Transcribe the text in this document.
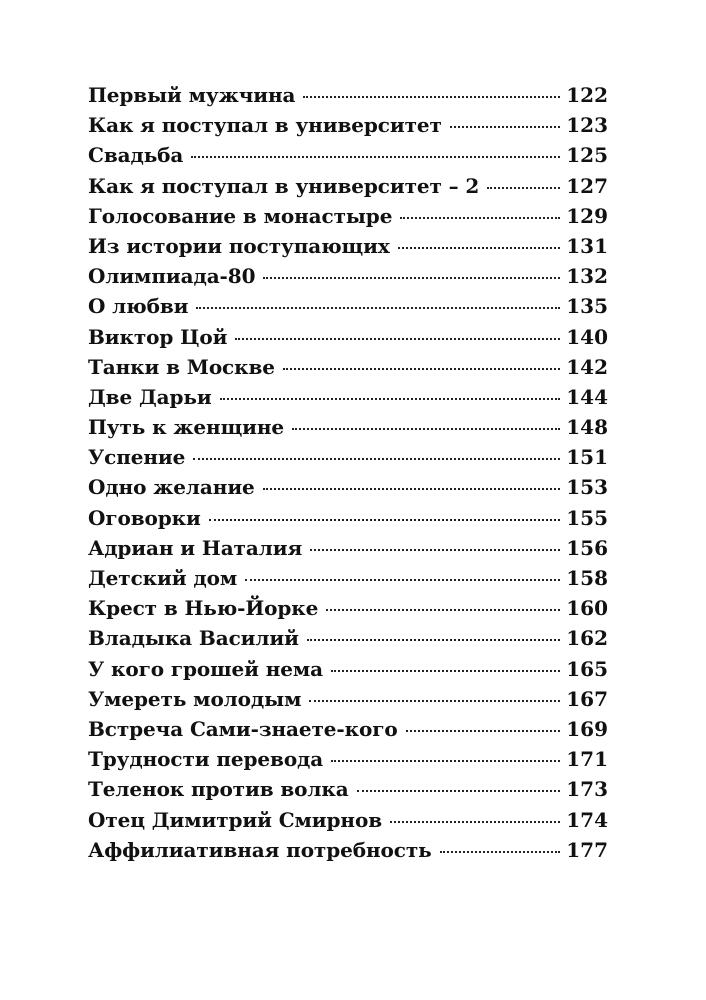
Первый мужчина	122
Как я поступал в университет	123
Свадьба	125
Как я поступал в университет – 2	127
Голосование в монастыре	129
Из истории поступающих	131
Олимпиада-80	132
О любви	135
Виктор Цой	140
Танки в Москве	142
Две Дарьи	144
Путь к женщине	148
Успение	151
Одно желание	153
Оговорки	155
Адриан и Наталия	156
Детский дом	158
Крест в Нью-Йорке	160
Владыка Василий	162
У кого грошей нема	165
Умереть молодым	167
Встреча Сами-знаете-кого	169
Трудности перевода	171
Теленок против волка	173
Отец Димитрий Смирнов	174
Аффилиативная потребность	177
